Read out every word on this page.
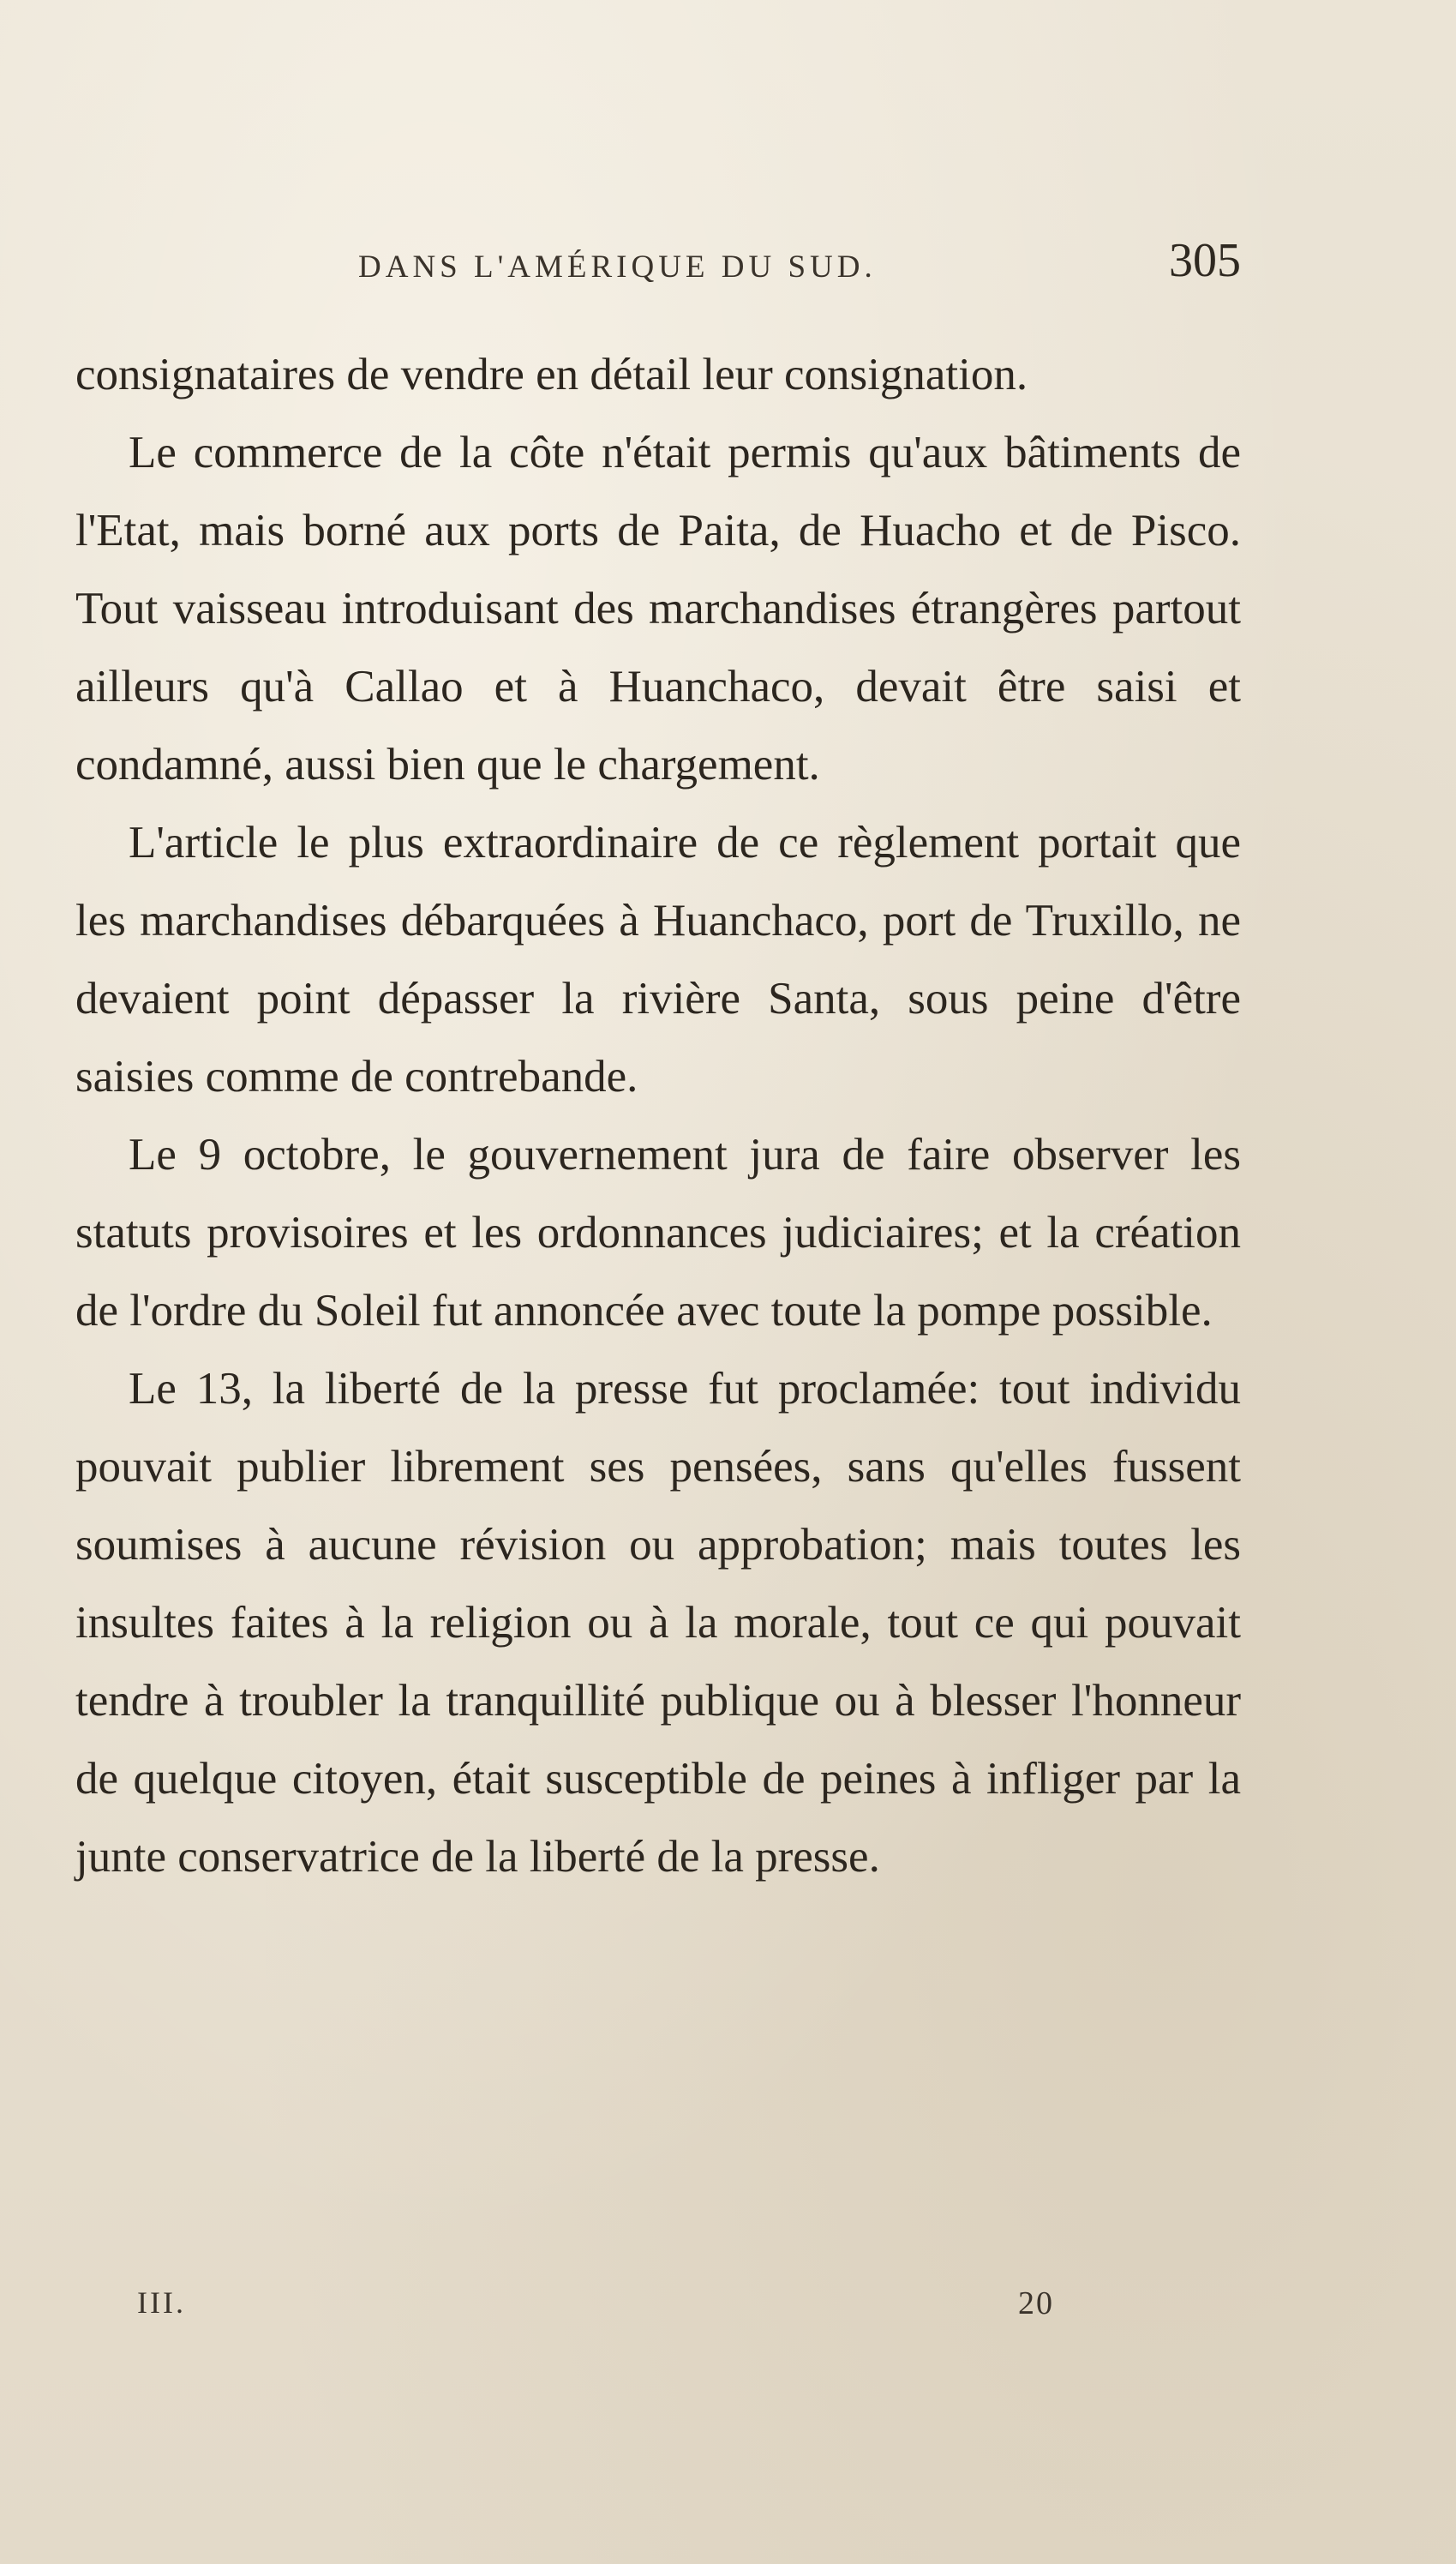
DANS L'AMÉRIQUE DU SUD.	305

consignataires de vendre en détail leur consignation.

Le commerce de la côte n'était permis qu'aux bâtiments de l'Etat, mais borné aux ports de Paita, de Huacho et de Pisco. Tout vaisseau introduisant des marchandises étrangères partout ailleurs qu'à Callao et à Huanchaco, devait être saisi et condamné, aussi bien que le chargement.

L'article le plus extraordinaire de ce règlement portait que les marchandises débarquées à Huanchaco, port de Truxillo, ne devaient point dépasser la rivière Santa, sous peine d'être saisies comme de contrebande.

Le 9 octobre, le gouvernement jura de faire observer les statuts provisoires et les ordonnances judiciaires; et la création de l'ordre du Soleil fut annoncée avec toute la pompe possible.

Le 13, la liberté de la presse fut proclamée: tout individu pouvait publier librement ses pensées, sans qu'elles fussent soumises à aucune révision ou approbation; mais toutes les insultes faites à la religion ou à la morale, tout ce qui pouvait tendre à troubler la tranquillité publique ou à blesser l'honneur de quelque citoyen, était susceptible de peines à infliger par la junte conservatrice de la liberté de la presse.

III.	20
